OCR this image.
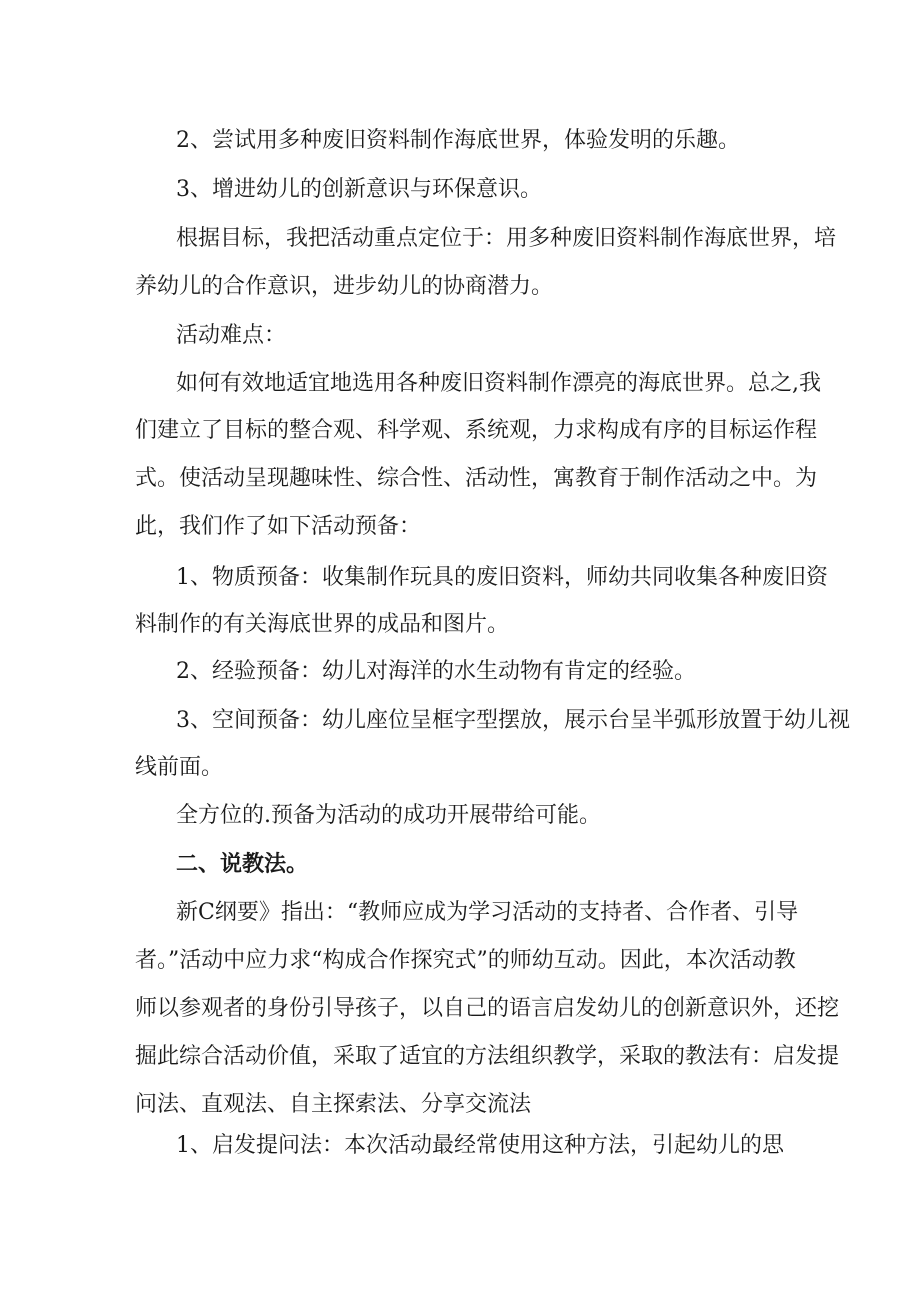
2、尝试用多种废旧资料制作海底世界，体验发明的乐趣。

3、增进幼儿的创新意识与环保意识。

根据目标，我把活动重点定位于：用多种废旧资料制作海底世界，培

养幼儿的合作意识，进步幼儿的协商潜力。

活动难点：

如何有效地适宜地选用各种废旧资料制作漂亮的海底世界。总之,我

们建立了目标的整合观、科学观、系统观，力求构成有序的目标运作程

式。使活动呈现趣味性、综合性、活动性，寓教育于制作活动之中。为

此，我们作了如下活动预备：

1、物质预备：收集制作玩具的废旧资料，师幼共同收集各种废旧资

料制作的有关海底世界的成品和图片。

2、经验预备：幼儿对海洋的水生动物有肯定的经验。

3、空间预备：幼儿座位呈框字型摆放，展示台呈半弧形放置于幼儿视

线前面。

全方位的.预备为活动的成功开展带给可能。

二、说教法。

新C纲要》指出：“教师应成为学习活动的支持者、合作者、引导

者。”活动中应力求“构成合作探究式”的师幼互动。因此，本次活动教

师以参观者的身份引导孩子，以自己的语言启发幼儿的创新意识外，还挖

掘此综合活动价值，采取了适宜的方法组织教学，采取的教法有：启发提

问法、直观法、自主探索法、分享交流法

1、启发提问法：本次活动最经常使用这种方法，引起幼儿的思
